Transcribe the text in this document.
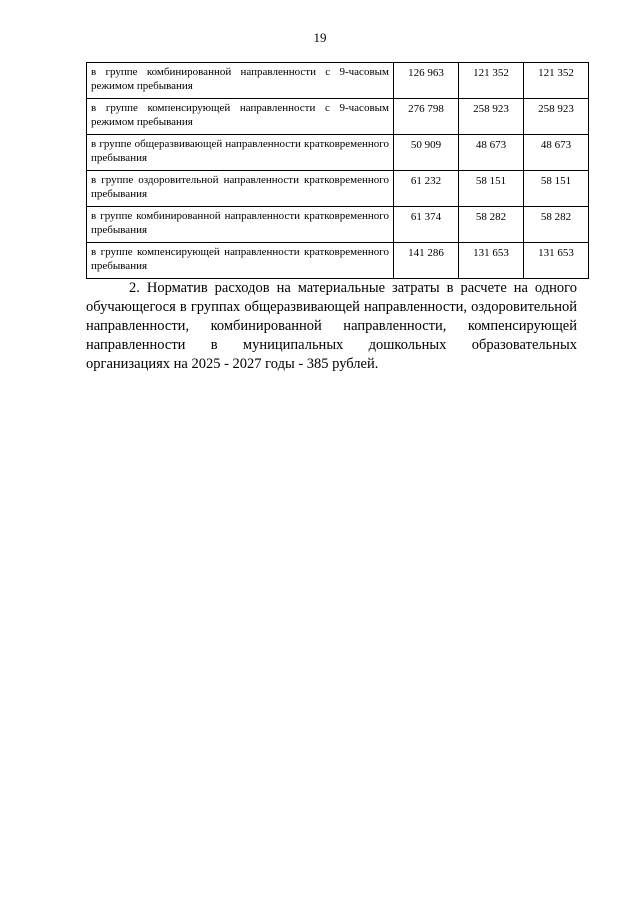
19
в группе комбинированной направленности с 9-часовым режимом пребывания	126 963	121 352	121 352
в группе компенсирующей направленности с 9-часовым режимом пребывания	276 798	258 923	258 923
в группе общеразвивающей направленности кратковременного пребывания	50 909	48 673	48 673
в группе оздоровительной направленности кратковременного пребывания	61 232	58 151	58 151
в группе комбинированной направленности кратковременного пребывания	61 374	58 282	58 282
в группе компенсирующей направленности кратковременного пребывания	141 286	131 653	131 653

2. Норматив расходов на материальные затраты в расчете на одного обучающегося в группах общеразвивающей направленности, оздоровительной направленности, комбинированной направленности, компенсирующей направленности в муниципальных дошкольных образовательных организациях на 2025 - 2027 годы - 385 рублей.
